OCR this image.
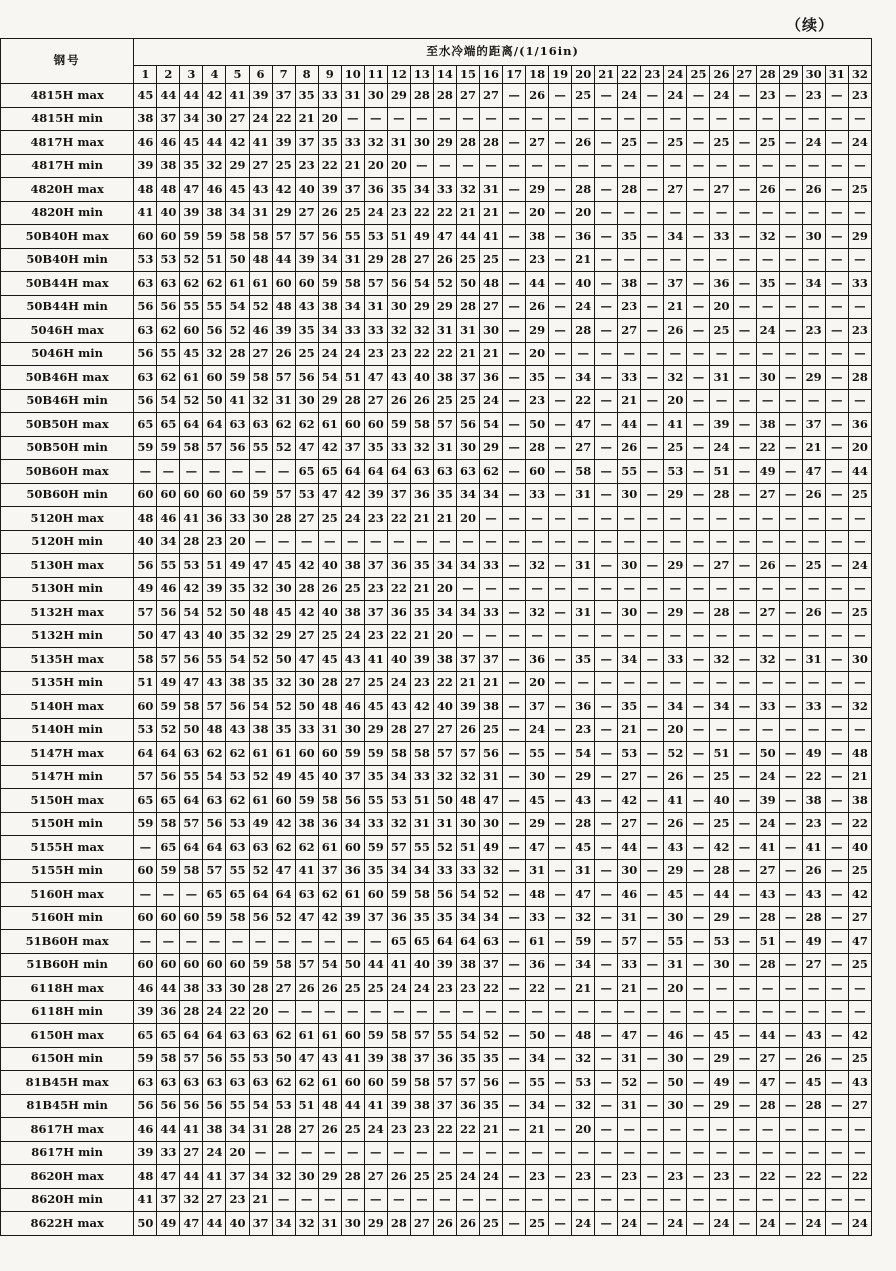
（续）
钢号	至水冷端的距离/(1/16in)																															
	1	2	3	4	5	6	7	8	9	10	11	12	13	14	15	16	17	18	19	20	21	22	23	24	25	26	27	28	29	30	31	32
4815H max	45	44	44	42	41	39	37	35	33	31	30	29	28	28	27	27	—	26	—	25	—	24	—	24	—	24	—	23	—	23	—	23
4815H min	38	37	34	30	27	24	22	21	20	—	—	—	—	—	—	—	—	—	—	—	—	—	—	—	—	—	—	—	—	—	—	—
4817H max	46	46	45	44	42	41	39	37	35	33	32	31	30	29	28	28	—	27	—	26	—	25	—	25	—	25	—	25	—	24	—	24
4817H min	39	38	35	32	29	27	25	23	22	21	20	20	—	—	—	—	—	—	—	—	—	—	—	—	—	—	—	—	—	—	—	—
4820H max	48	48	47	46	45	43	42	40	39	37	36	35	34	33	32	31	—	29	—	28	—	28	—	27	—	27	—	26	—	26	—	25
4820H min	41	40	39	38	34	31	29	27	26	25	24	23	22	22	21	21	—	20	—	20	—	—	—	—	—	—	—	—	—	—	—	—
50B40H max	60	60	59	59	58	58	57	57	56	55	53	51	49	47	44	41	—	38	—	36	—	35	—	34	—	33	—	32	—	30	—	29
50B40H min	53	53	52	51	50	48	44	39	34	31	29	28	27	26	25	25	—	23	—	21	—	—	—	—	—	—	—	—	—	—	—	—
50B44H max	63	63	62	62	61	61	60	60	59	58	57	56	54	52	50	48	—	44	—	40	—	38	—	37	—	36	—	35	—	34	—	33
50B44H min	56	56	55	55	54	52	48	43	38	34	31	30	29	29	28	27	—	26	—	24	—	23	—	21	—	20	—	—	—	—	—	—
5046H max	63	62	60	56	52	46	39	35	34	33	33	32	32	31	31	30	—	29	—	28	—	27	—	26	—	25	—	24	—	23	—	23
5046H min	56	55	45	32	28	27	26	25	24	24	23	23	22	22	21	21	—	20	—	—	—	—	—	—	—	—	—	—	—	—	—	—
50B46H max	63	62	61	60	59	58	57	56	54	51	47	43	40	38	37	36	—	35	—	34	—	33	—	32	—	31	—	30	—	29	—	28
50B46H min	56	54	52	50	41	32	31	30	29	28	27	26	26	25	25	24	—	23	—	22	—	21	—	20	—	—	—	—	—	—	—	—
50B50H max	65	65	64	64	63	63	62	62	61	60	60	59	58	57	56	54	—	50	—	47	—	44	—	41	—	39	—	38	—	37	—	36
50B50H min	59	59	58	57	56	55	52	47	42	37	35	33	32	31	30	29	—	28	—	27	—	26	—	25	—	24	—	22	—	21	—	20
50B60H max	—	—	—	—	—	—	—	65	65	64	64	64	63	63	63	62	—	60	—	58	—	55	—	53	—	51	—	49	—	47	—	44
50B60H min	60	60	60	60	60	59	57	53	47	42	39	37	36	35	34	34	—	33	—	31	—	30	—	29	—	28	—	27	—	26	—	25
5120H max	48	46	41	36	33	30	28	27	25	24	23	22	21	21	20	—	—	—	—	—	—	—	—	—	—	—	—	—	—	—	—	—
5120H min	40	34	28	23	20	—	—	—	—	—	—	—	—	—	—	—	—	—	—	—	—	—	—	—	—	—	—	—	—	—	—	—
5130H max	56	55	53	51	49	47	45	42	40	38	37	36	35	34	34	33	—	32	—	31	—	30	—	29	—	27	—	26	—	25	—	24
5130H min	49	46	42	39	35	32	30	28	26	25	23	22	21	20	—	—	—	—	—	—	—	—	—	—	—	—	—	—	—	—	—	—
5132H max	57	56	54	52	50	48	45	42	40	38	37	36	35	34	34	33	—	32	—	31	—	30	—	29	—	28	—	27	—	26	—	25
5132H min	50	47	43	40	35	32	29	27	25	24	23	22	21	20	—	—	—	—	—	—	—	—	—	—	—	—	—	—	—	—	—	—
5135H max	58	57	56	55	54	52	50	47	45	43	41	40	39	38	37	37	—	36	—	35	—	34	—	33	—	32	—	32	—	31	—	30
5135H min	51	49	47	43	38	35	32	30	28	27	25	24	23	22	21	21	—	20	—	—	—	—	—	—	—	—	—	—	—	—	—	—
5140H max	60	59	58	57	56	54	52	50	48	46	45	43	42	40	39	38	—	37	—	36	—	35	—	34	—	34	—	33	—	33	—	32
5140H min	53	52	50	48	43	38	35	33	31	30	29	28	27	27	26	25	—	24	—	23	—	21	—	20	—	—	—	—	—	—	—	—
5147H max	64	64	63	62	62	61	61	60	60	59	59	58	58	57	57	56	—	55	—	54	—	53	—	52	—	51	—	50	—	49	—	48
5147H min	57	56	55	54	53	52	49	45	40	37	35	34	33	32	32	31	—	30	—	29	—	27	—	26	—	25	—	24	—	22	—	21
5150H max	65	65	64	63	62	61	60	59	58	56	55	53	51	50	48	47	—	45	—	43	—	42	—	41	—	40	—	39	—	38	—	38
5150H min	59	58	57	56	53	49	42	38	36	34	33	32	31	31	30	30	—	29	—	28	—	27	—	26	—	25	—	24	—	23	—	22
5155H max	—	65	64	64	63	63	62	62	61	60	59	57	55	52	51	49	—	47	—	45	—	44	—	43	—	42	—	41	—	41	—	40
5155H min	60	59	58	57	55	52	47	41	37	36	35	34	34	33	33	32	—	31	—	31	—	30	—	29	—	28	—	27	—	26	—	25
5160H max	—	—	—	65	65	64	64	63	62	61	60	59	58	56	54	52	—	48	—	47	—	46	—	45	—	44	—	43	—	43	—	42
5160H min	60	60	60	59	58	56	52	47	42	39	37	36	35	35	34	34	—	33	—	32	—	31	—	30	—	29	—	28	—	28	—	27
51B60H max	—	—	—	—	—	—	—	—	—	—	—	65	65	64	64	63	—	61	—	59	—	57	—	55	—	53	—	51	—	49	—	47
51B60H min	60	60	60	60	60	59	58	57	54	50	44	41	40	39	38	37	—	36	—	34	—	33	—	31	—	30	—	28	—	27	—	25
6118H max	46	44	38	33	30	28	27	26	26	25	25	24	24	23	23	22	—	22	—	21	—	21	—	20	—	—	—	—	—	—	—	—
6118H min	39	36	28	24	22	20	—	—	—	—	—	—	—	—	—	—	—	—	—	—	—	—	—	—	—	—	—	—	—	—	—	—
6150H max	65	65	64	64	63	63	62	61	61	60	59	58	57	55	54	52	—	50	—	48	—	47	—	46	—	45	—	44	—	43	—	42
6150H min	59	58	57	56	55	53	50	47	43	41	39	38	37	36	35	35	—	34	—	32	—	31	—	30	—	29	—	27	—	26	—	25
81B45H max	63	63	63	63	63	63	62	62	61	60	60	59	58	57	57	56	—	55	—	53	—	52	—	50	—	49	—	47	—	45	—	43
81B45H min	56	56	56	56	55	54	53	51	48	44	41	39	38	37	36	35	—	34	—	32	—	31	—	30	—	29	—	28	—	28	—	27
8617H max	46	44	41	38	34	31	28	27	26	25	24	23	23	22	22	21	—	21	—	20	—	—	—	—	—	—	—	—	—	—	—	—
8617H min	39	33	27	24	20	—	—	—	—	—	—	—	—	—	—	—	—	—	—	—	—	—	—	—	—	—	—	—	—	—	—	—
8620H max	48	47	44	41	37	34	32	30	29	28	27	26	25	25	24	24	—	23	—	23	—	23	—	23	—	23	—	22	—	22	—	22
8620H min	41	37	32	27	23	21	—	—	—	—	—	—	—	—	—	—	—	—	—	—	—	—	—	—	—	—	—	—	—	—	—	—
8622H max	50	49	47	44	40	37	34	32	31	30	29	28	27	26	26	25	—	25	—	24	—	24	—	24	—	24	—	24	—	24	—	24
